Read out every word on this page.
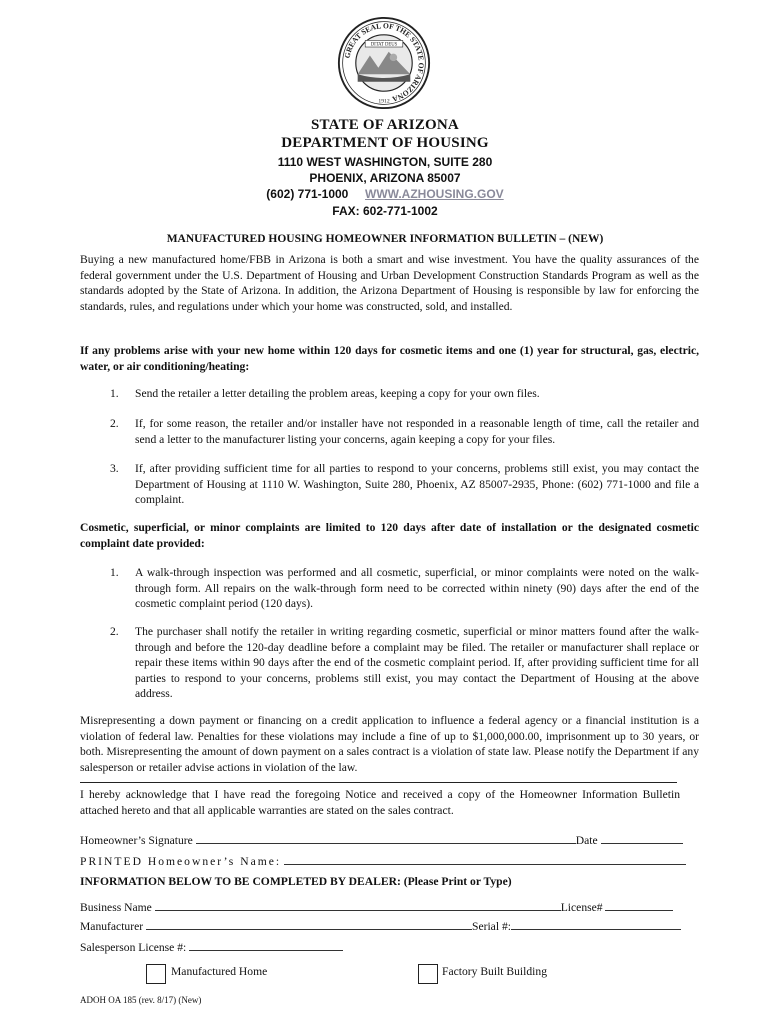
GREAT SEAL OF THE STATE OF ARIZONA
DITAT DEUS
1912
STATE OF ARIZONA
DEPARTMENT OF HOUSING
1110 WEST WASHINGTON, SUITE 280
PHOENIX, ARIZONA 85007
(602) 771-1000 WWW.AZHOUSING.GOV
FAX: 602-771-1002
MANUFACTURED HOUSING HOMEOWNER INFORMATION BULLETIN – (NEW)
Buying a new manufactured home/FBB in Arizona is both a smart and wise investment. You have the quality assurances of the federal government under the U.S. Department of Housing and Urban Development Construction Standards Program as well as the standards adopted by the State of Arizona. In addition, the Arizona Department of Housing is responsible by law for enforcing the standards, rules, and regulations under which your home was constructed, sold, and installed.
If any problems arise with your new home within 120 days for cosmetic items and one (1) year for structural, gas, electric, water, or air conditioning/heating:
1. Send the retailer a letter detailing the problem areas, keeping a copy for your own files.
2. If, for some reason, the retailer and/or installer have not responded in a reasonable length of time, call the retailer and send a letter to the manufacturer listing your concerns, again keeping a copy for your files.
3. If, after providing sufficient time for all parties to respond to your concerns, problems still exist, you may contact the Department of Housing at 1110 W. Washington, Suite 280, Phoenix, AZ 85007-2935, Phone: (602) 771-1000 and file a complaint.
Cosmetic, superficial, or minor complaints are limited to 120 days after date of installation or the designated cosmetic complaint date provided:
1. A walk-through inspection was performed and all cosmetic, superficial, or minor complaints were noted on the walk-through form. All repairs on the walk-through form need to be corrected within ninety (90) days after the end of the cosmetic complaint period (120 days).
2. The purchaser shall notify the retailer in writing regarding cosmetic, superficial or minor matters found after the walk-through and before the 120-day deadline before a complaint may be filed. The retailer or manufacturer shall replace or repair these items within 90 days after the end of the cosmetic complaint period. If, after providing sufficient time for all parties to respond to your concerns, problems still exist, you may contact the Department of Housing at the above address.
Misrepresenting a down payment or financing on a credit application to influence a federal agency or a financial institution is a violation of federal law. Penalties for these violations may include a fine of up to $1,000,000.00, imprisonment up to 30 years, or both. Misrepresenting the amount of down payment on a sales contract is a violation of state law. Please notify the Department if any salesperson or retailer advise actions in violation of the law.
I hereby acknowledge that I have read the foregoing Notice and received a copy of the Homeowner Information Bulletin attached hereto and that all applicable warranties are stated on the sales contract.
Homeowner’s Signature	Date
PRINTED Homeowner’s Name:
INFORMATION BELOW TO BE COMPLETED BY DEALER: (Please Print or Type)
Business Name	License#
Manufacturer	Serial #:
Salesperson License #:
Manufactured Home	Factory Built Building
ADOH OA 185 (rev. 8/17) (New)
